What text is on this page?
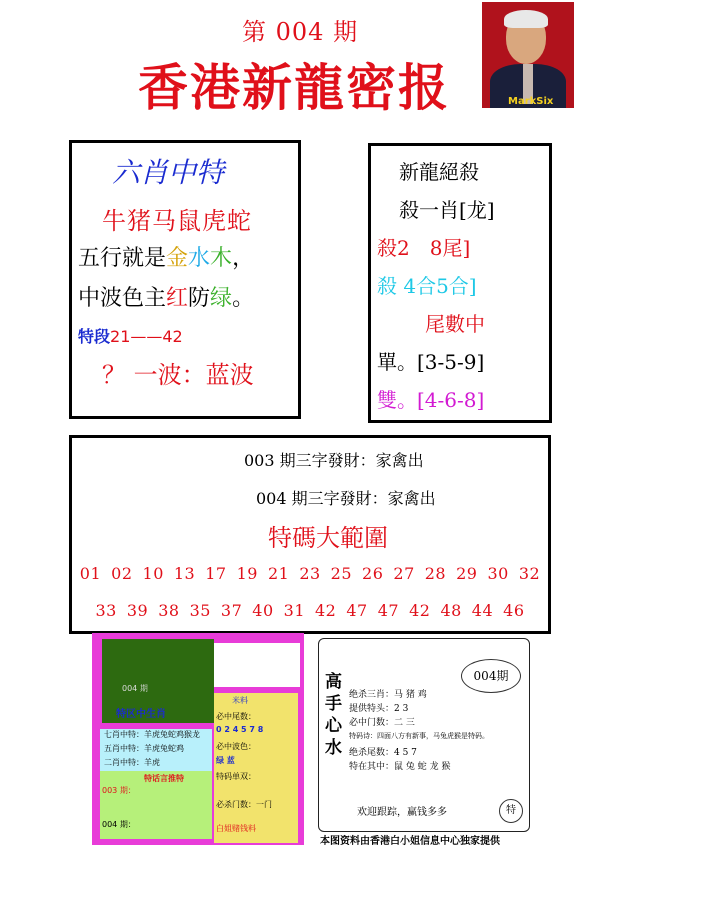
第 004 期
香港新龍密报	MarkSix
六肖中特
牛猪马鼠虎蛇
五行就是金水木，
中波色主红防绿。
特段21——42
？ 一波：蓝波
新龍絕殺
殺一肖[龙]
殺2　8尾]
殺 4合5合]
尾數中
單。[3-5-9]
雙。[4-6-8]
003 期三字發財：家禽出
004 期三字發財：家禽出
特碼大範圍
01 02 10 13 17 19 21 23 25 26 27 28 29 30 32
33 39 38 35 37 40 31 42 47 47 42 48 44 46
004 期
特区中生肖
七肖中特：羊虎兔蛇鸡猴龙
五肖中特：羊虎兔蛇鸡
二肖中特：羊虎
特话言推特
003 期：
004 期：
米料
必中尾数：
0 2 4 5 7 8
必中波色：
绿 蓝
特码单双：
必杀门数：一门
白姐赌钱料
高手心水
004期
绝杀三肖：马 猪 鸡
提供特头：2 3
必中门数：二 三
特码诗：四面八方有新事，马兔虎猴是特码。
绝杀尾数：4 5 7
特在其中：鼠 兔 蛇 龙 猴
欢迎跟踪，赢钱多多	特
本图资料由香港白小姐信息中心独家提供
